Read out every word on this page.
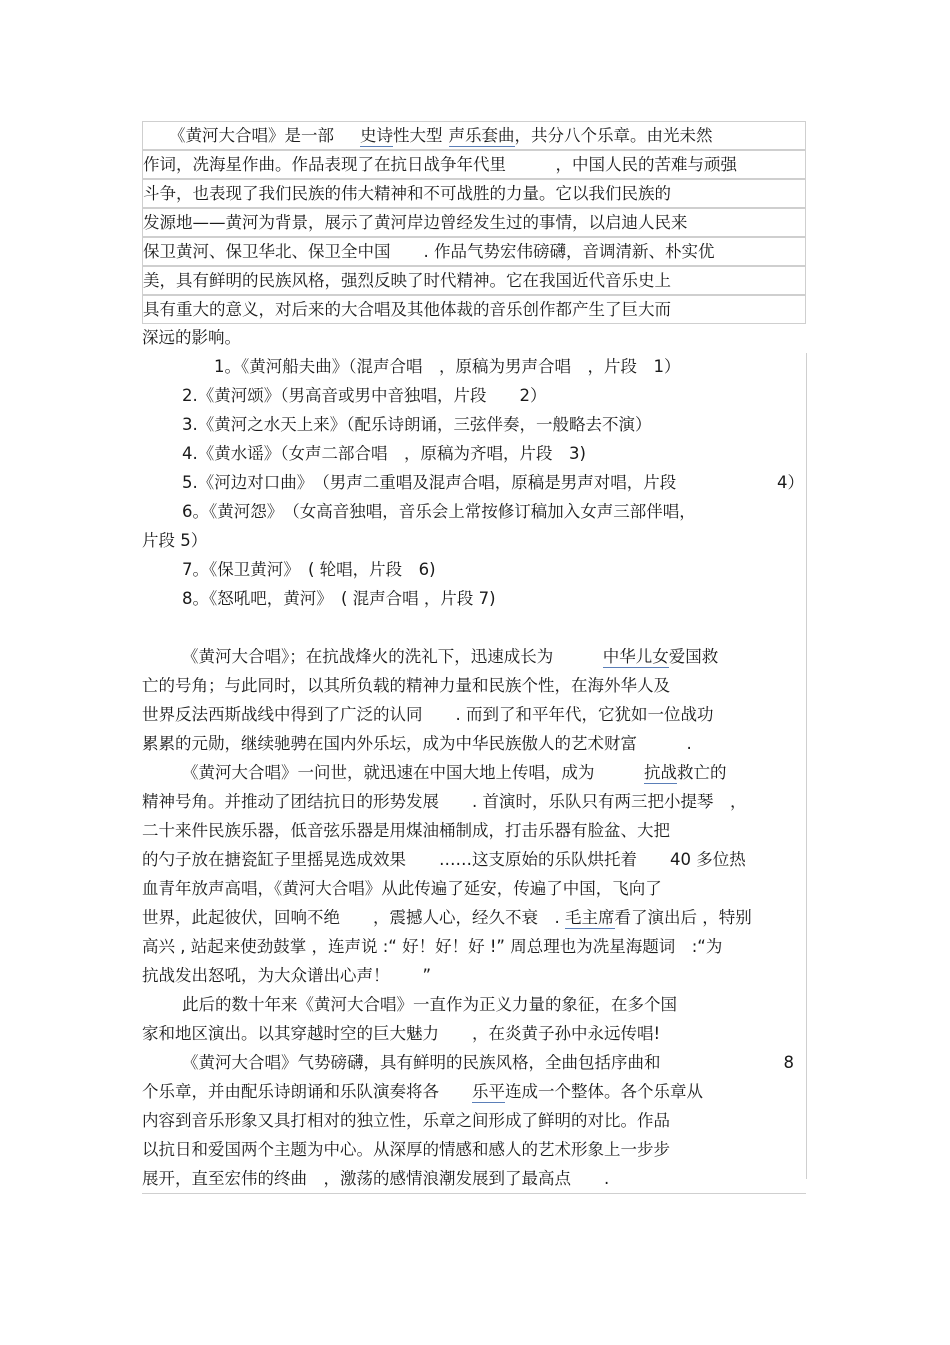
《黄河大合唱》是一部 史诗性大型 声乐套曲，共分八个乐章。由光未然
作词，冼海星作曲。作品表现了在抗日战争年代里　　　，中国人民的苦难与顽强
斗争，也表现了我们民族的伟大精神和不可战胜的力量。它以我们民族的
发源地——黄河为背景，展示了黄河岸边曾经发生过的事情，以启迪人民来
保卫黄河、保卫华北、保卫全中国　　. 作品气势宏伟磅礴，音调清新、朴实优
美，具有鲜明的民族风格，强烈反映了时代精神。它在我国近代音乐史上
具有重大的意义，对后来的大合唱及其他体裁的音乐创作都产生了巨大而
深远的影响。
1。《黄河船夫曲》（混声合唱　，原稿为男声合唱　，片段　1）
2.《黄河颂》（男高音或男中音独唱，片段　　2）
3.《黄河之水天上来》（配乐诗朗诵，三弦伴奏，一般略去不演）
4.《黄水谣》（女声二部合唱　，原稿为齐唱，片段　3)
5.《河边对口曲》　（男声二重唱及混声合唱，原稿是男声对唱，片段	4）
6。《黄河怨》　（女高音独唱，音乐会上常按修订稿加入女声三部伴唱，
片段 5）
7。《保卫黄河》　( 轮唱，片段　6)
8。《怒吼吧，黄河》　( 混声合唱 ，片段 7)
《黄河大合唱》；在抗战烽火的洗礼下，迅速成长为　　　中华儿女爱国救
亡的号角；与此同时，以其所负载的精神力量和民族个性，在海外华人及
世界反法西斯战线中得到了广泛的认同　　. 而到了和平年代，它犹如一位战功
累累的元勋，继续驰骋在国内外乐坛，成为中华民族傲人的艺术财富　　　.
《黄河大合唱》一问世，就迅速在中国大地上传唱，成为　　　抗战救亡的
精神号角。并推动了团结抗日的形势发展　　. 首演时，乐队只有两三把小提琴　，
二十来件民族乐器，低音弦乐器是用煤油桶制成，打击乐器有脸盆、大把
的勺子放在搪瓷缸子里摇晃选成效果　　……这支原始的乐队烘托着　　40 多位热
血青年放声高唱，《黄河大合唱》从此传遍了延安，传遍了中国，飞向了
世界，此起彼伏，回响不绝　　，震撼人心，经久不衰　. 毛主席看了演出后 ，特别
高兴 , 站起来使劲鼓掌 ，连声说 :“ 好！好！好 !” 周总理也为冼星海题词　:“为
抗战发出怒吼，为大众谱出心声！　　”
此后的数十年来《黄河大合唱》一直作为正义力量的象征，在多个国
家和地区演出。以其穿越时空的巨大魅力　　，在炎黄子孙中永远传唱!
《黄河大合唱》气势磅礴，具有鲜明的民族风格，全曲包括序曲和	8
个乐章，并由配乐诗朗诵和乐队演奏将各　　乐平连成一个整体。各个乐章从
内容到音乐形象又具打相对的独立性，乐章之间形成了鲜明的对比。作品
以抗日和爱国两个主题为中心。从深厚的情感和感人的艺术形象上一步步
展开，直至宏伟的终曲　，激荡的感情浪潮发展到了最高点　　.
